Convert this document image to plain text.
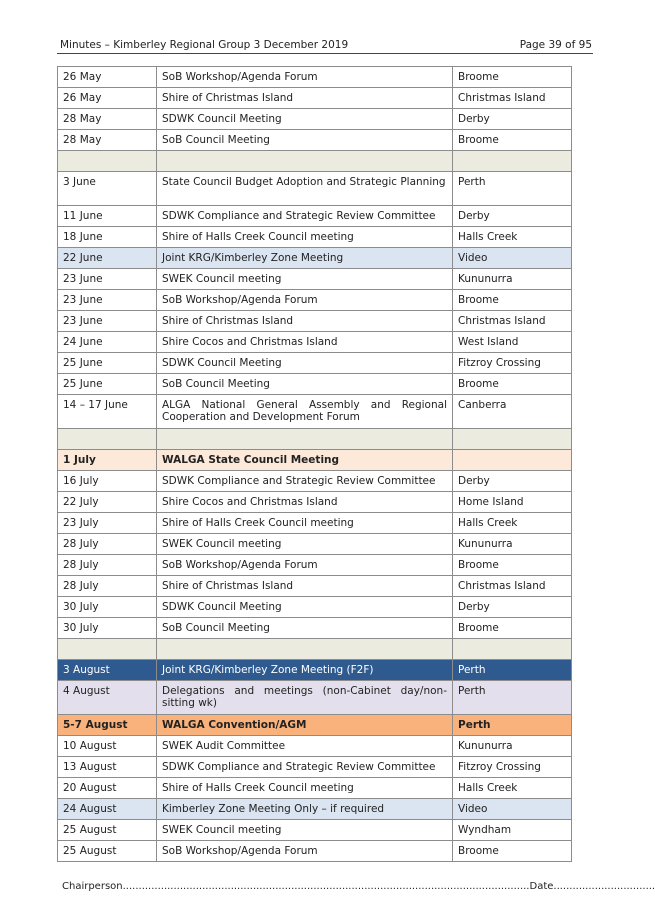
Minutes – Kimberley Regional Group 3 December 2019	Page 39 of 95
26 May	SoB Workshop/Agenda Forum	Broome
26 May	Shire of Christmas Island	Christmas Island
28 May	SDWK Council Meeting	Derby
28 May	SoB Council Meeting	Broome

3 June	State Council Budget Adoption and Strategic Planning	Perth
11 June	SDWK Compliance and Strategic Review Committee	Derby
18 June	Shire of Halls Creek Council meeting	Halls Creek
22 June	Joint KRG/Kimberley Zone Meeting	Video
23 June	SWEK Council meeting	Kununurra
23 June	SoB Workshop/Agenda Forum	Broome
23 June	Shire of Christmas Island	Christmas Island
24 June	Shire Cocos and Christmas Island	West Island
25 June	SDWK Council Meeting	Fitzroy Crossing
25 June	SoB Council Meeting	Broome
14 – 17 June	ALGA National General Assembly and Regional Cooperation and Development Forum	Canberra

1 July	WALGA State Council Meeting	
16 July	SDWK Compliance and Strategic Review Committee	Derby
22 July	Shire Cocos and Christmas Island	Home Island
23 July	Shire of Halls Creek Council meeting	Halls Creek
28 July	SWEK Council meeting	Kununurra
28 July	SoB Workshop/Agenda Forum	Broome
28 July	Shire of Christmas Island	Christmas Island
30 July	SDWK Council Meeting	Derby
30 July	SoB Council Meeting	Broome

3 August	Joint KRG/Kimberley Zone Meeting (F2F)	Perth
4 August	Delegations and meetings (non-Cabinet day/non-sitting wk)	Perth
5-7 August	WALGA Convention/AGM	Perth
10 August	SWEK Audit Committee	Kununurra
13 August	SDWK Compliance and Strategic Review Committee	Fitzroy Crossing
20 August	Shire of Halls Creek Council meeting	Halls Creek
24 August	Kimberley Zone Meeting Only – if required	Video
25 August	SWEK Council meeting	Wyndham
25 August	SoB Workshop/Agenda Forum	Broome
Chairperson................................................................................................................................Date................................
